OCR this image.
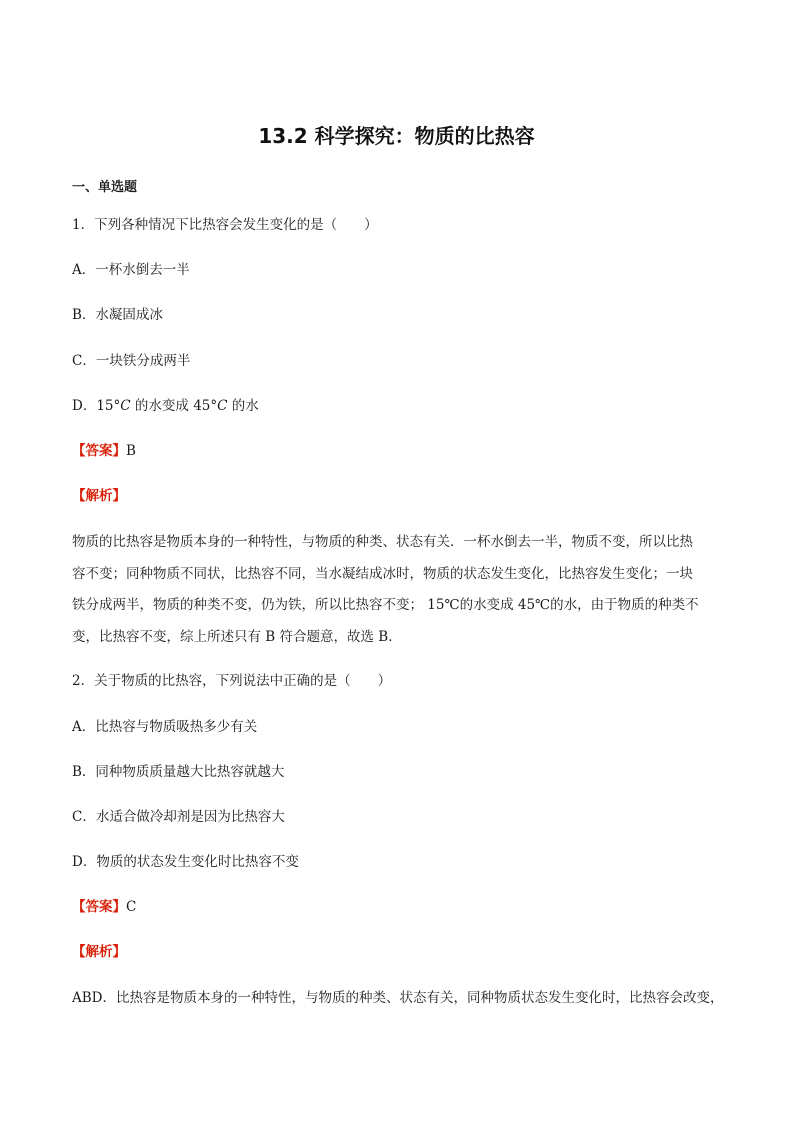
13.2 科学探究：物质的比热容
一、单选题
1．下列各种情况下比热容会发生变化的是（　　）
A．一杯水倒去一半
B．水凝固成冰
C．一块铁分成两半
D．15°C 的水变成 45°C 的水
【答案】B
【解析】
物质的比热容是物质本身的一种特性，与物质的种类、状态有关．一杯水倒去一半，物质不变，所以比热
容不变；同种物质不同状，比热容不同，当水凝结成冰时，物质的状态发生变化，比热容发生变化；一块
铁分成两半，物质的种类不变，仍为铁，所以比热容不变； 15℃的水变成 45℃的水，由于物质的种类不
变，比热容不变，综上所述只有 B 符合题意，故选 B．
2．关于物质的比热容，下列说法中正确的是（　　）
A．比热容与物质吸热多少有关
B．同种物质质量越大比热容就越大
C．水适合做冷却剂是因为比热容大
D．物质的状态发生变化时比热容不变
【答案】C
【解析】
ABD．比热容是物质本身的一种特性，与物质的种类、状态有关，同种物质状态发生变化时，比热容会改变，
